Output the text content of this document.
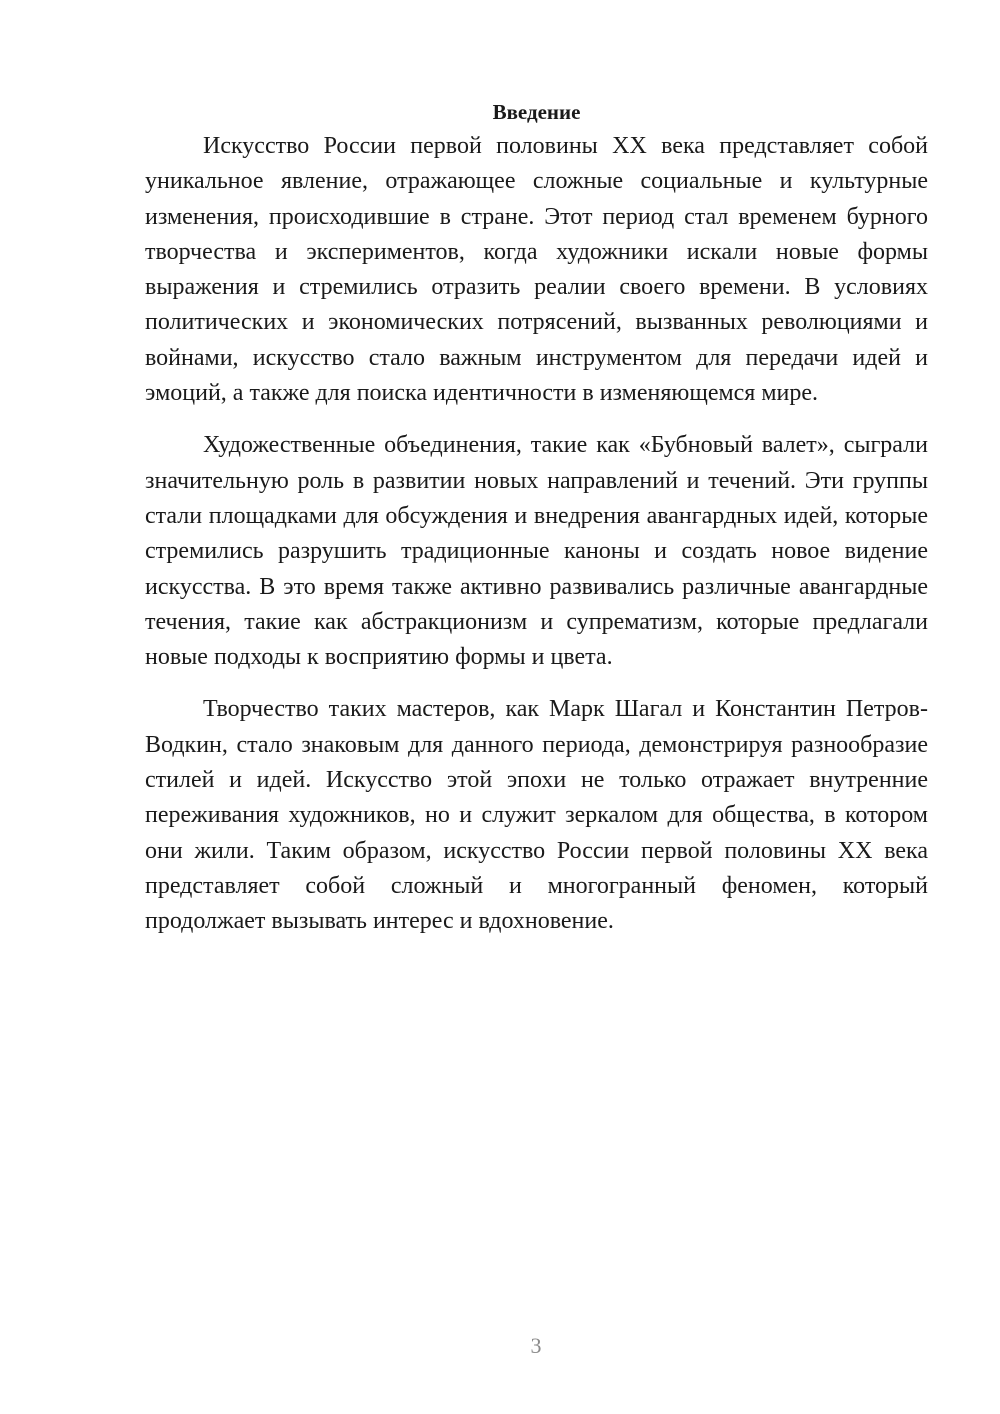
Введение

Искусство России первой половины XX века представляет собой уникальное явление, отражающее сложные социальные и культурные изменения, происходившие в стране. Этот период стал временем бурного творчества и экспериментов, когда художники искали новые формы выражения и стремились отразить реалии своего времени. В условиях политических и экономических потрясений, вызванных революциями и войнами, искусство стало важным инструментом для передачи идей и эмоций, а также для поиска идентичности в изменяющемся мире.

Художественные объединения, такие как «Бубновый валет», сыграли значительную роль в развитии новых направлений и течений. Эти группы стали площадками для обсуждения и внедрения авангардных идей, которые стремились разрушить традиционные каноны и создать новое видение искусства. В это время также активно развивались различные авангардные течения, такие как абстракционизм и супрематизм, которые предлагали новые подходы к восприятию формы и цвета.

Творчество таких мастеров, как Марк Шагал и Константин Петров-Водкин, стало знаковым для данного периода, демонстрируя разнообразие стилей и идей. Искусство этой эпохи не только отражает внутренние переживания художников, но и служит зеркалом для общества, в котором они жили. Таким образом, искусство России первой половины XX века представляет собой сложный и многогранный феномен, который продолжает вызывать интерес и вдохновение.

3
